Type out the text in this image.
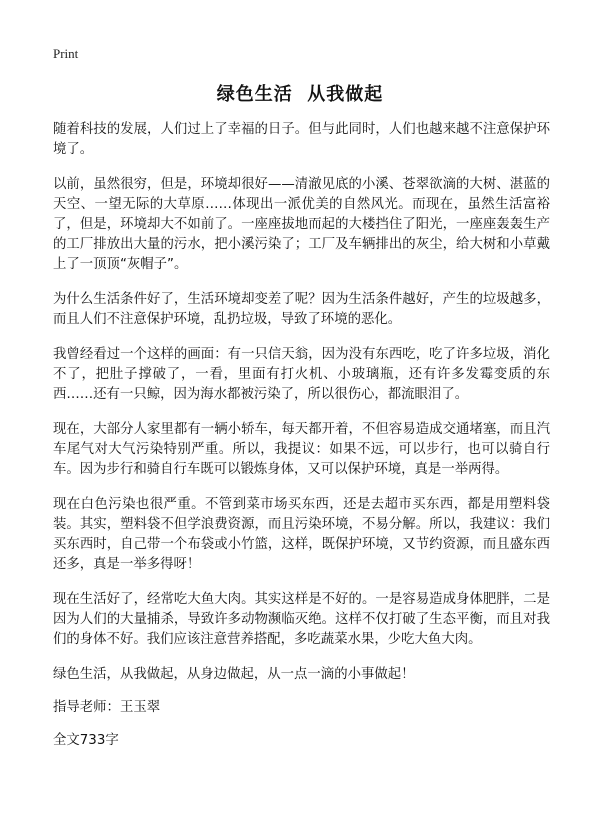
Print
绿色生活  从我做起

随着科技的发展，人们过上了幸福的日子。但与此同时，人们也越来越不注意保护环境了。

以前，虽然很穷，但是，环境却很好——清澈见底的小溪、苍翠欲滴的大树、湛蓝的天空、一望无际的大草原……体现出一派优美的自然风光。而现在，虽然生活富裕了，但是，环境却大不如前了。一座座拔地而起的大楼挡住了阳光，一座座轰轰生产的工厂排放出大量的污水，把小溪污染了；工厂及车辆排出的灰尘，给大树和小草戴上了一顶顶“灰帽子”。

为什么生活条件好了，生活环境却变差了呢？因为生活条件越好，产生的垃圾越多，而且人们不注意保护环境，乱扔垃圾，导致了环境的恶化。

我曾经看过一个这样的画面：有一只信天翁，因为没有东西吃，吃了许多垃圾，消化不了，把肚子撑破了，一看，里面有打火机、小玻璃瓶，还有许多发霉变质的东西……还有一只鲸，因为海水都被污染了，所以很伤心，都流眼泪了。

现在，大部分人家里都有一辆小轿车，每天都开着，不但容易造成交通堵塞，而且汽车尾气对大气污染特别严重。所以，我提议：如果不远，可以步行，也可以骑自行车。因为步行和骑自行车既可以锻炼身体，又可以保护环境，真是一举两得。

现在白色污染也很严重。不管到菜市场买东西，还是去超市买东西，都是用塑料袋装。其实，塑料袋不但学浪费资源，而且污染环境，不易分解。所以，我建议：我们买东西时，自己带一个布袋或小竹篮，这样，既保护环境，又节约资源，而且盛东西还多，真是一举多得呀！

现在生活好了，经常吃大鱼大肉。其实这样是不好的。一是容易造成身体肥胖，二是因为人们的大量捕杀，导致许多动物濒临灭绝。这样不仅打破了生态平衡，而且对我们的身体不好。我们应该注意营养搭配，多吃蔬菜水果，少吃大鱼大肉。

绿色生活，从我做起，从身边做起，从一点一滴的小事做起！

指导老师：王玉翠

全文733字
